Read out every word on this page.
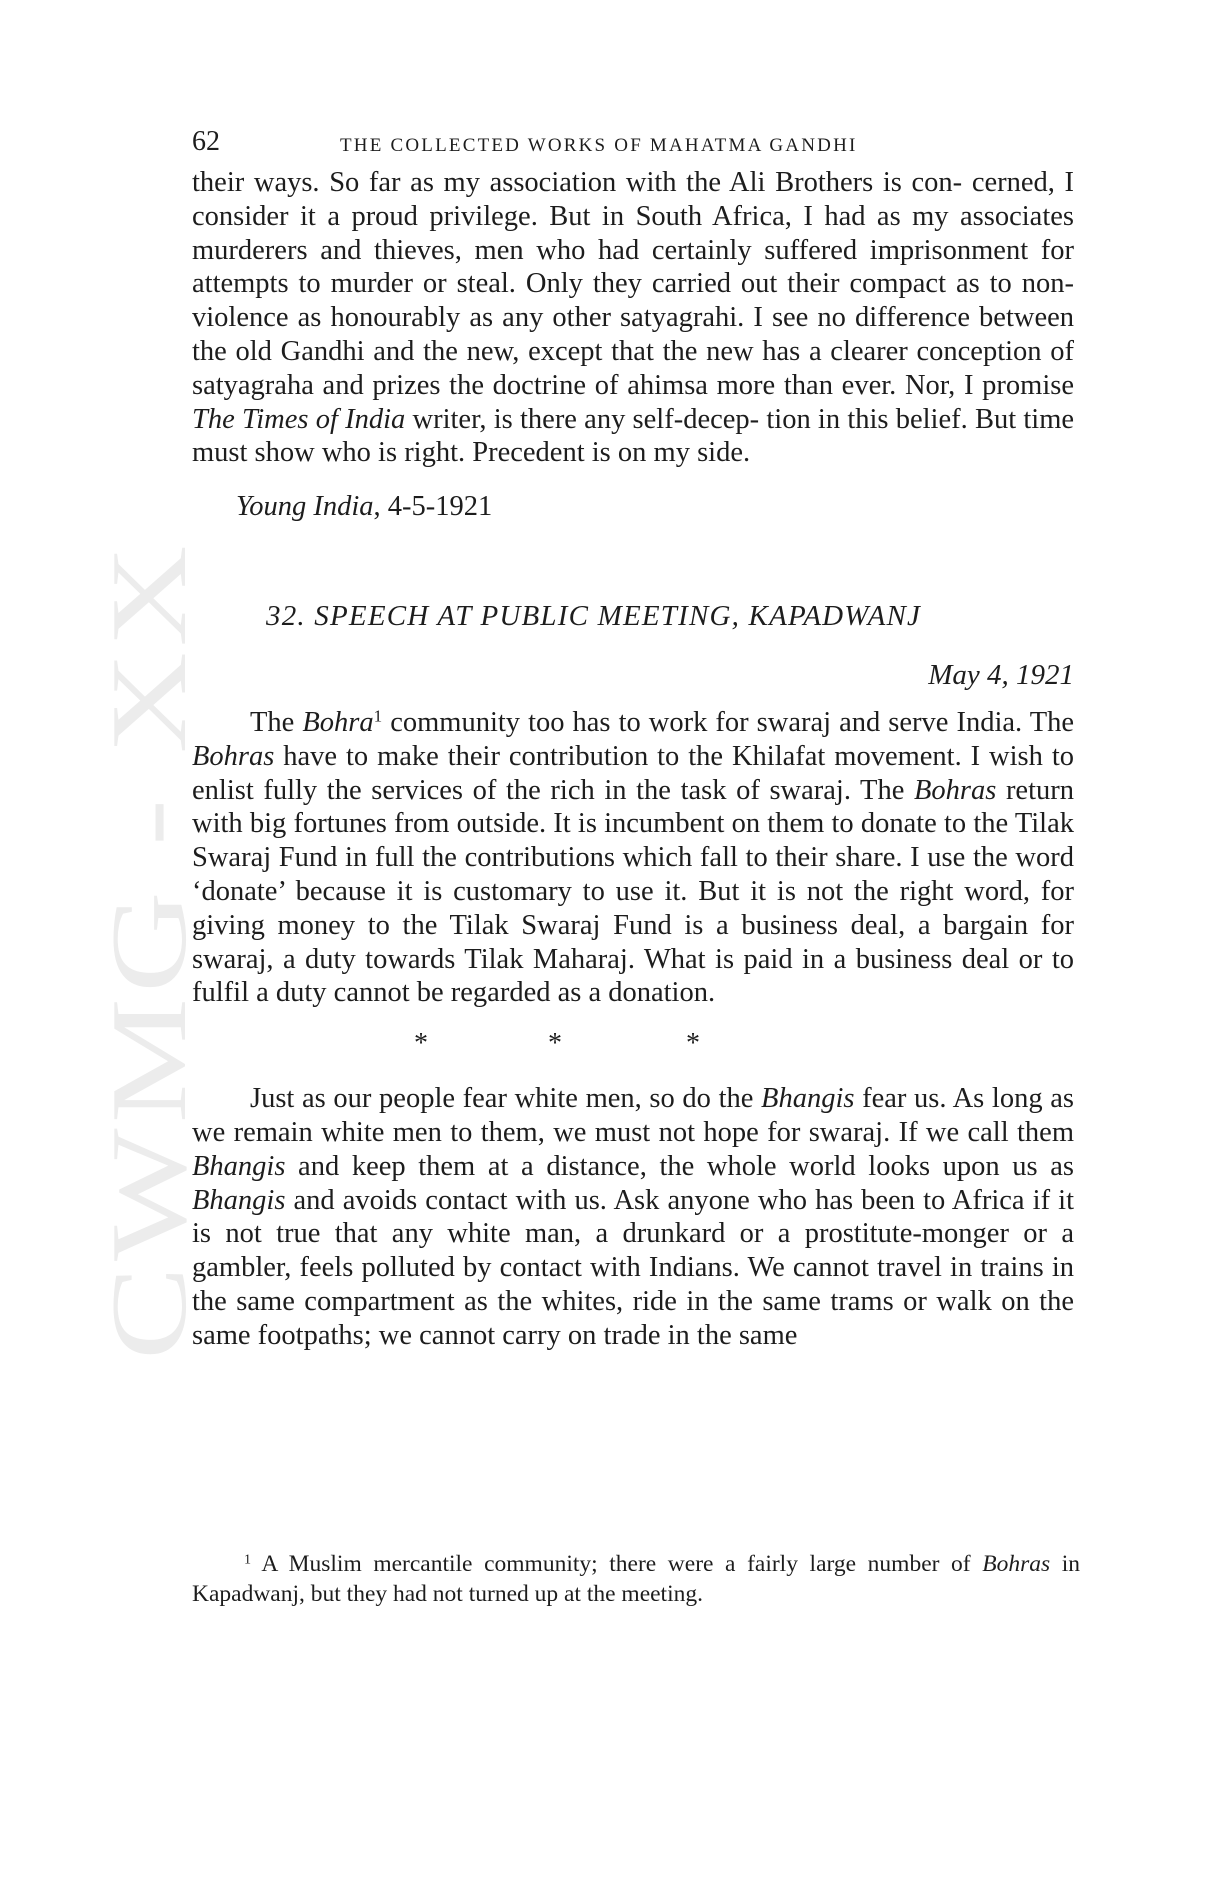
CWMG - XX
62	THE COLLECTED WORKS OF MAHATMA GANDHI

their ways. So far as my association with the Ali Brothers is con- cerned, I consider it a proud privilege. But in South Africa, I had as my associates murderers and thieves, men who had certainly suffered imprisonment for attempts to murder or steal. Only they carried out their compact as to non-violence as honourably as any other satyagrahi. I see no difference between the old Gandhi and the new, except that the new has a clearer conception of satyagraha and prizes the doctrine of ahimsa more than ever. Nor, I promise The Times of India writer, is there any self-decep- tion in this belief. But time must show who is right. Precedent is on my side.

Young India, 4-5-1921
32. SPEECH AT PUBLIC MEETING, KAPADWANJ
May 4, 1921

The Bohra$^1$ community too has to work for swaraj and serve India. The Bohras have to make their contribution to the Khilafat movement. I wish to enlist fully the services of the rich in the task of swaraj. The Bohras return with big fortunes from outside. It is incumbent on them to donate to the Tilak Swaraj Fund in full the contributions which fall to their share. I use the word ‘donate’ because it is customary to use it. But it is not the right word, for giving money to the Tilak Swaraj Fund is a business deal, a bargain for swaraj, a duty towards Tilak Maharaj. What is paid in a business deal or to fulfil a duty cannot be regarded as a donation.

*	*	*

Just as our people fear white men, so do the Bhangis fear us. As long as we remain white men to them, we must not hope for swaraj. If we call them Bhangis and keep them at a distance, the whole world looks upon us as Bhangis and avoids contact with us. Ask anyone who has been to Africa if it is not true that any white man, a drunkard or a prostitute-monger or a gambler, feels polluted by contact with Indians. We cannot travel in trains in the same compartment as the whites, ride in the same trams or walk on the same footpaths; we cannot carry on trade in the same

$^1$ A Muslim mercantile community; there were a fairly large number of Bohras in Kapadwanj, but they had not turned up at the meeting.
